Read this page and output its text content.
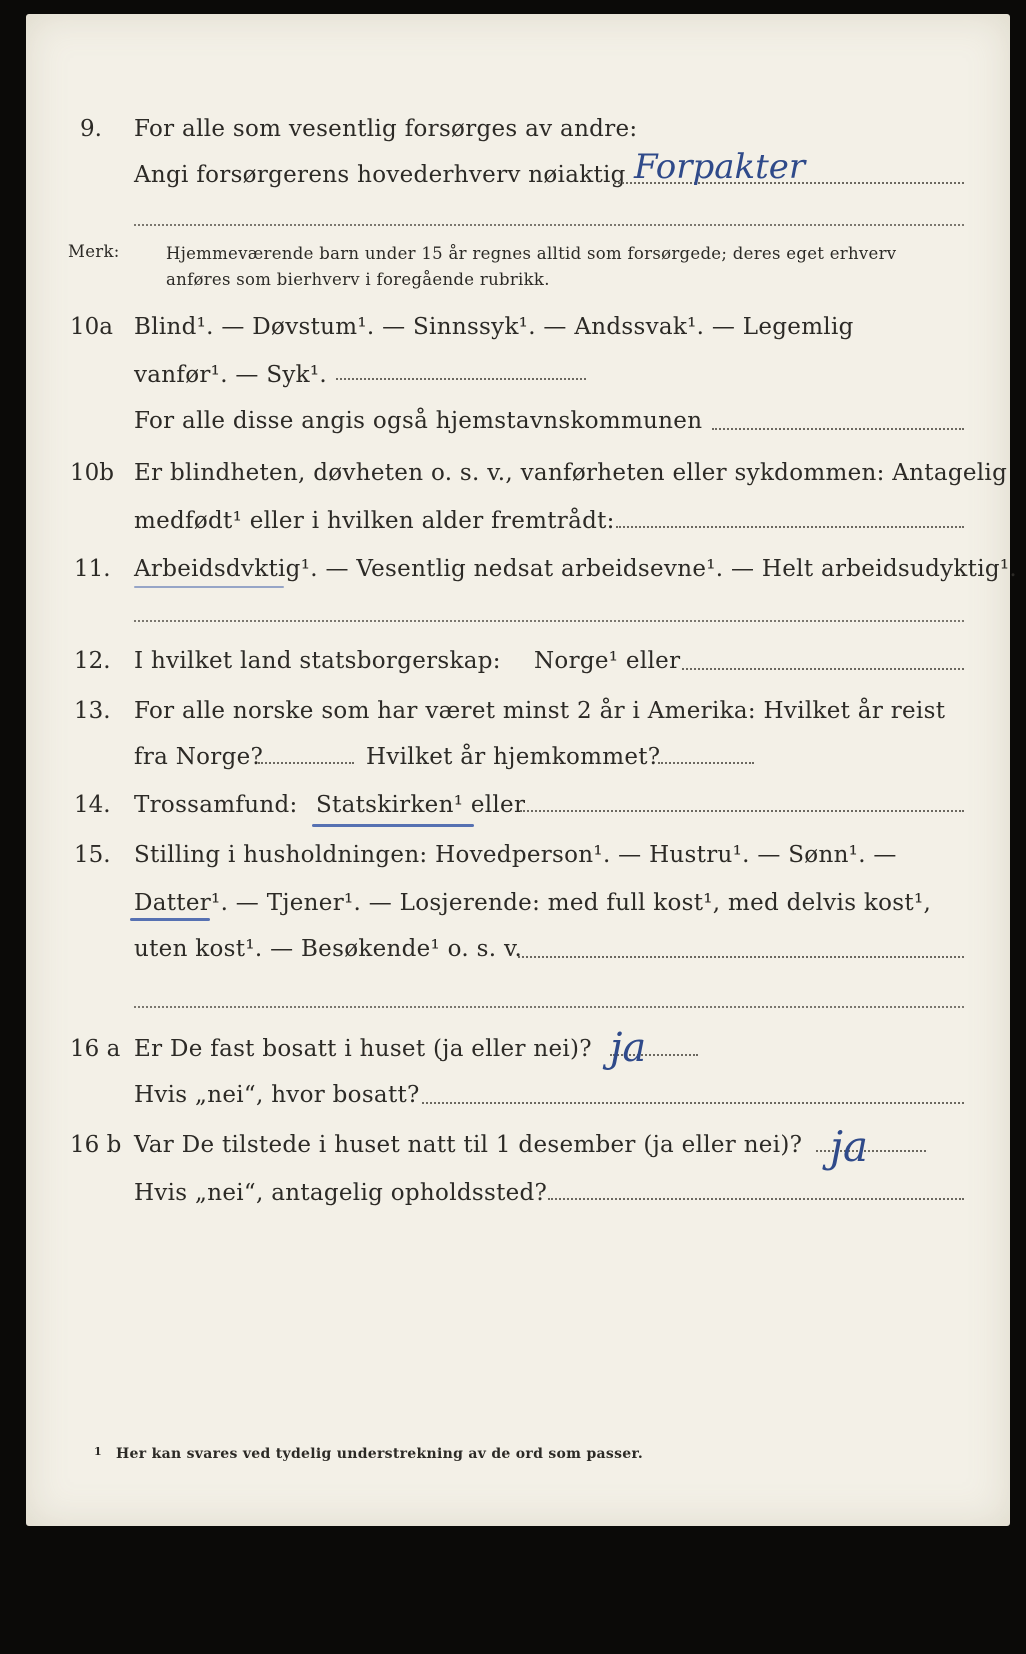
9. For alle som vesentlig forsørges av andre:
Angi forsørgerens hovederhverv nøiaktig Forpakter
Merk:	Hjemmeværende barn under 15 år regnes alltid som forsørgede; deres eget erhverv
anføres som bierhverv i foregående rubrikk.
10a Blind¹. — Døvstum¹. — Sinnssyk¹. — Andssvak¹. — Legemlig
vanfør¹. — Syk¹.
For alle disse angis også hjemstavnskommunen
10b Er blindheten, døvheten o. s. v., vanførheten eller sykdommen: Antagelig
medfødt¹ eller i hvilken alder fremtrådt:
11. Arbeidsdvktig¹. — Vesentlig nedsat arbeidsevne¹. — Helt arbeidsudyktig¹.
12. I hvilket land statsborgerskap: Norge¹ eller
13. For alle norske som har været minst 2 år i Amerika: Hvilket år reist
fra Norge?	Hvilket år hjemkommet?
14. Trossamfund: Statskirken¹ eller
15. Stilling i husholdningen: Hovedperson¹. — Hustru¹. — Sønn¹. —
Datter¹. — Tjener¹. — Losjerende: med full kost¹, med delvis kost¹,
uten kost¹. — Besøkende¹ o. s. v.
16 a Er De fast bosatt i huset (ja eller nei)? ja
Hvis „nei“, hvor bosatt?
16 b Var De tilstede i huset natt til 1 desember (ja eller nei)? ja
Hvis „nei“, antagelig opholdssted?
1 Her kan svares ved tydelig understrekning av de ord som passer.
